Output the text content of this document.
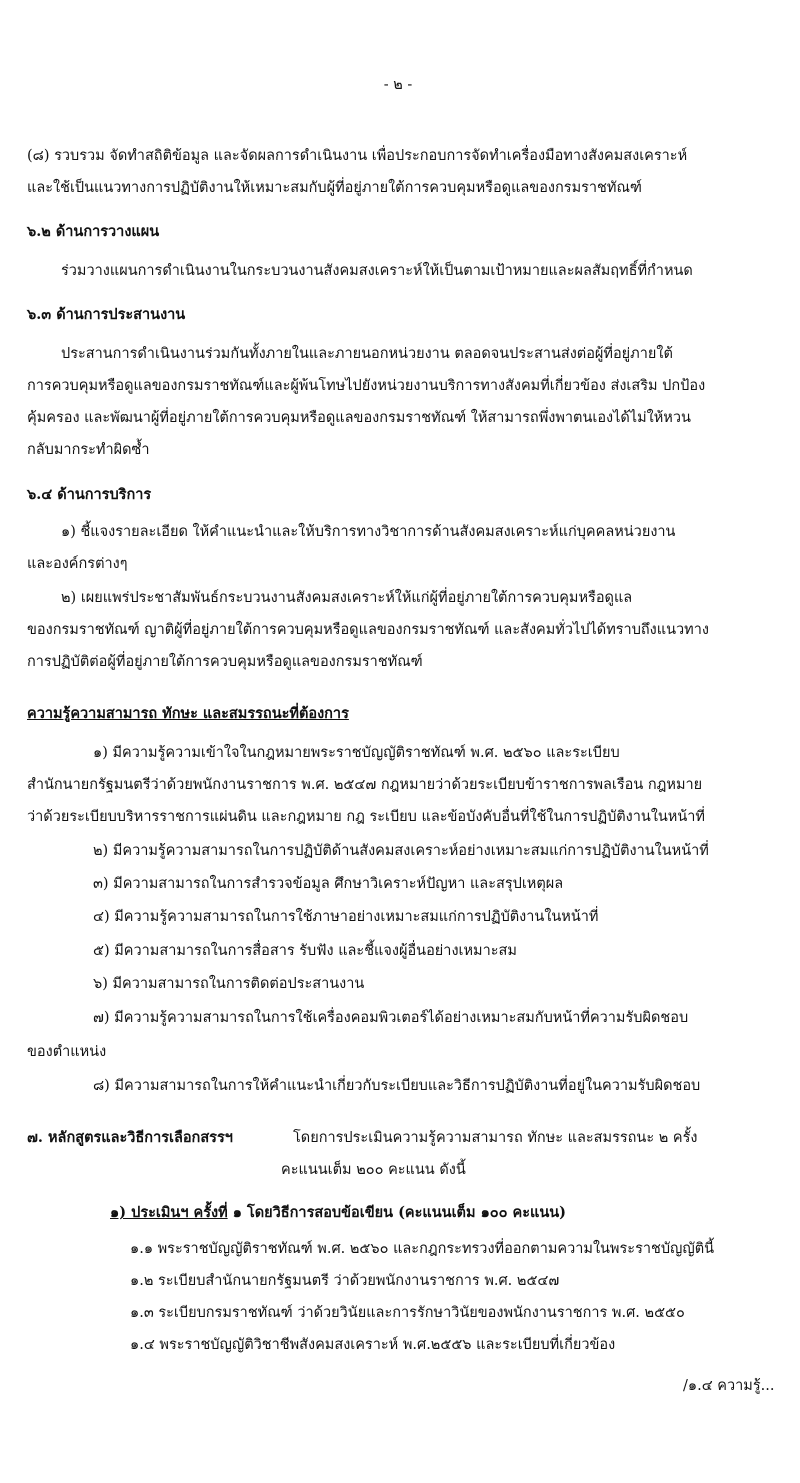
- ๒ -
(๘) รวบรวม จัดทำสถิติข้อมูล และจัดผลการดำเนินงาน เพื่อประกอบการจัดทำเครื่องมือทางสังคมสงเคราะห์
และใช้เป็นแนวทางการปฏิบัติงานให้เหมาะสมกับผู้ที่อยู่ภายใต้การควบคุมหรือดูแลของกรมราชทัณฑ์
๖.๒ ด้านการวางแผน
ร่วมวางแผนการดำเนินงานในกระบวนงานสังคมสงเคราะห์ให้เป็นตามเป้าหมายและผลสัมฤทธิ์ที่กำหนด
๖.๓ ด้านการประสานงาน
ประสานการดำเนินงานร่วมกันทั้งภายในและภายนอกหน่วยงาน ตลอดจนประสานส่งต่อผู้ที่อยู่ภายใต้
การควบคุมหรือดูแลของกรมราชทัณฑ์และผู้พ้นโทษไปยังหน่วยงานบริการทางสังคมที่เกี่ยวข้อง ส่งเสริม ปกป้อง
คุ้มครอง และพัฒนาผู้ที่อยู่ภายใต้การควบคุมหรือดูแลของกรมราชทัณฑ์ ให้สามารถพึ่งพาตนเองได้ไม่ให้หวน
กลับมากระทำผิดซ้ำ
๖.๔ ด้านการบริการ
๑) ชี้แจงรายละเอียด ให้คำแนะนำและให้บริการทางวิชาการด้านสังคมสงเคราะห์แก่บุคคลหน่วยงาน
และองค์กรต่างๆ
๒) เผยแพร่ประชาสัมพันธ์กระบวนงานสังคมสงเคราะห์ให้แก่ผู้ที่อยู่ภายใต้การควบคุมหรือดูแล
ของกรมราชทัณฑ์ ญาติผู้ที่อยู่ภายใต้การควบคุมหรือดูแลของกรมราชทัณฑ์ และสังคมทั่วไปได้ทราบถึงแนวทาง
การปฏิบัติต่อผู้ที่อยู่ภายใต้การควบคุมหรือดูแลของกรมราชทัณฑ์
ความรู้ความสามารถ ทักษะ และสมรรถนะที่ต้องการ
๑) มีความรู้ความเข้าใจในกฎหมายพระราชบัญญัติราชทัณฑ์ พ.ศ. ๒๕๖๐ และระเบียบ
สำนักนายกรัฐมนตรีว่าด้วยพนักงานราชการ พ.ศ. ๒๕๔๗ กฎหมายว่าด้วยระเบียบข้าราชการพลเรือน กฎหมาย
ว่าด้วยระเบียบบริหารราชการแผ่นดิน และกฎหมาย กฎ ระเบียบ และข้อบังคับอื่นที่ใช้ในการปฏิบัติงานในหน้าที่
๒) มีความรู้ความสามารถในการปฏิบัติด้านสังคมสงเคราะห์อย่างเหมาะสมแก่การปฏิบัติงานในหน้าที่
๓) มีความสามารถในการสำรวจข้อมูล ศึกษาวิเคราะห์ปัญหา และสรุปเหตุผล
๔) มีความรู้ความสามารถในการใช้ภาษาอย่างเหมาะสมแก่การปฏิบัติงานในหน้าที่
๕) มีความสามารถในการสื่อสาร รับฟัง และชี้แจงผู้อื่นอย่างเหมาะสม
๖) มีความสามารถในการติดต่อประสานงาน
๗) มีความรู้ความสามารถในการใช้เครื่องคอมพิวเตอร์ได้อย่างเหมาะสมกับหน้าที่ความรับผิดชอบ
ของตำแหน่ง
๘) มีความสามารถในการให้คำแนะนำเกี่ยวกับระเบียบและวิธีการปฏิบัติงานที่อยู่ในความรับผิดชอบ
๗. หลักสูตรและวิธีการเลือกสรรฯ	โดยการประเมินความรู้ความสามารถ ทักษะ และสมรรถนะ ๒ ครั้ง
คะแนนเต็ม ๒๐๐ คะแนน ดังนี้
๑) ประเมินฯ ครั้งที่ ๑ โดยวิธีการสอบข้อเขียน (คะแนนเต็ม ๑๐๐ คะแนน)
๑.๑ พระราชบัญญัติราชทัณฑ์ พ.ศ. ๒๕๖๐ และกฎกระทรวงที่ออกตามความในพระราชบัญญัตินี้
๑.๒ ระเบียบสำนักนายกรัฐมนตรี ว่าด้วยพนักงานราชการ พ.ศ. ๒๕๔๗
๑.๓ ระเบียบกรมราชทัณฑ์ ว่าด้วยวินัยและการรักษาวินัยของพนักงานราชการ พ.ศ. ๒๕๕๐
๑.๔ พระราชบัญญัติวิชาชีพสังคมสงเคราะห์ พ.ศ.๒๕๕๖ และระเบียบที่เกี่ยวข้อง
/๑.๔ ความรู้...
